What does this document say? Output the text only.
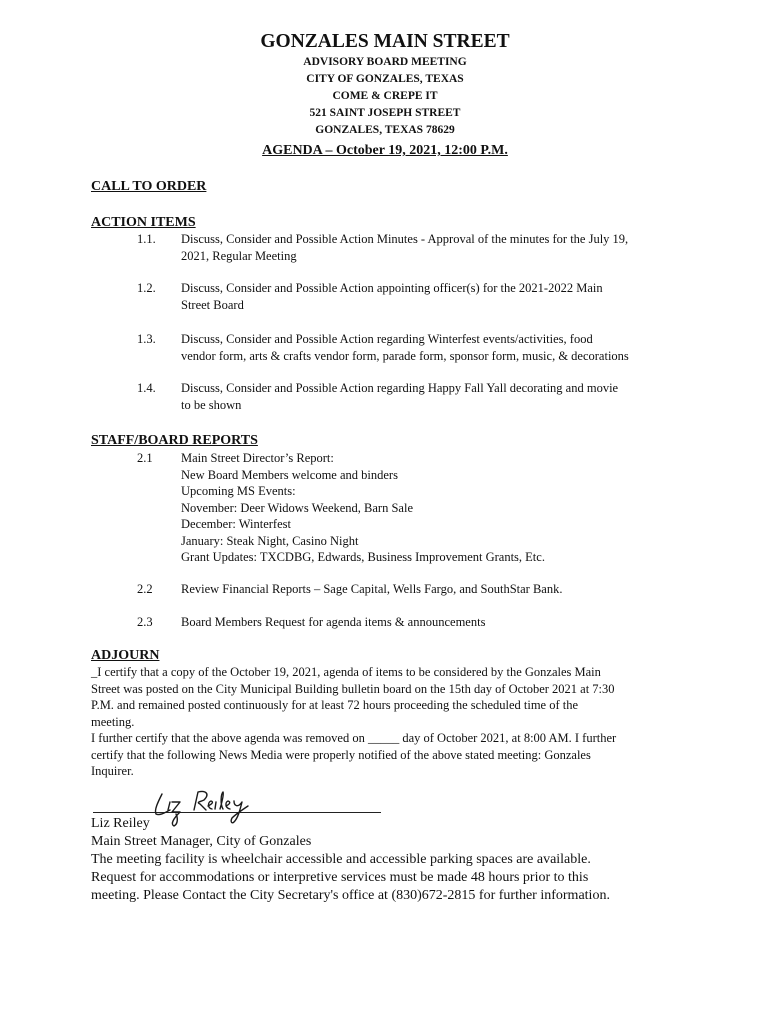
GONZALES MAIN STREET
ADVISORY BOARD MEETING
CITY OF GONZALES, TEXAS
COME & CREPE IT
521 SAINT JOSEPH STREET
GONZALES, TEXAS 78629
AGENDA – October 19, 2021, 12:00 P.M.
CALL TO ORDER
ACTION ITEMS
1.1. Discuss, Consider and Possible Action Minutes - Approval of the minutes for the July 19,
2021, Regular Meeting
1.2. Discuss, Consider and Possible Action appointing officer(s) for the 2021-2022 Main
Street Board
1.3. Discuss, Consider and Possible Action regarding Winterfest events/activities, food
vendor form, arts & crafts vendor form, parade form, sponsor form, music, & decorations
1.4. Discuss, Consider and Possible Action regarding Happy Fall Yall decorating and movie
to be shown
STAFF/BOARD REPORTS
2.1 Main Street Director’s Report:
New Board Members welcome and binders
Upcoming MS Events:
November: Deer Widows Weekend, Barn Sale
December: Winterfest
January: Steak Night, Casino Night
Grant Updates: TXCDBG, Edwards, Business Improvement Grants, Etc.
2.2 Review Financial Reports – Sage Capital, Wells Fargo, and SouthStar Bank.
2.3 Board Members Request for agenda items & announcements
ADJOURN

_I certify that a copy of the October 19, 2021, agenda of items to be considered by the Gonzales Main

Street was posted on the City Municipal Building bulletin board on the 15th day of October 2021 at 7:30

P.M. and remained posted continuously for at least 72 hours proceeding the scheduled time of the

meeting.

I further certify that the above agenda was removed on _____ day of October 2021, at 8:00 AM. I further

certify that the following News Media were properly notified of the above stated meeting: Gonzales

Inquirer.

Liz Reiley
Liz Reiley
Main Street Manager, City of Gonzales
The meeting facility is wheelchair accessible and accessible parking spaces are available.
Request for accommodations or interpretive services must be made 48 hours prior to this
meeting. Please Contact the City Secretary's office at (830)672-2815 for further information.
